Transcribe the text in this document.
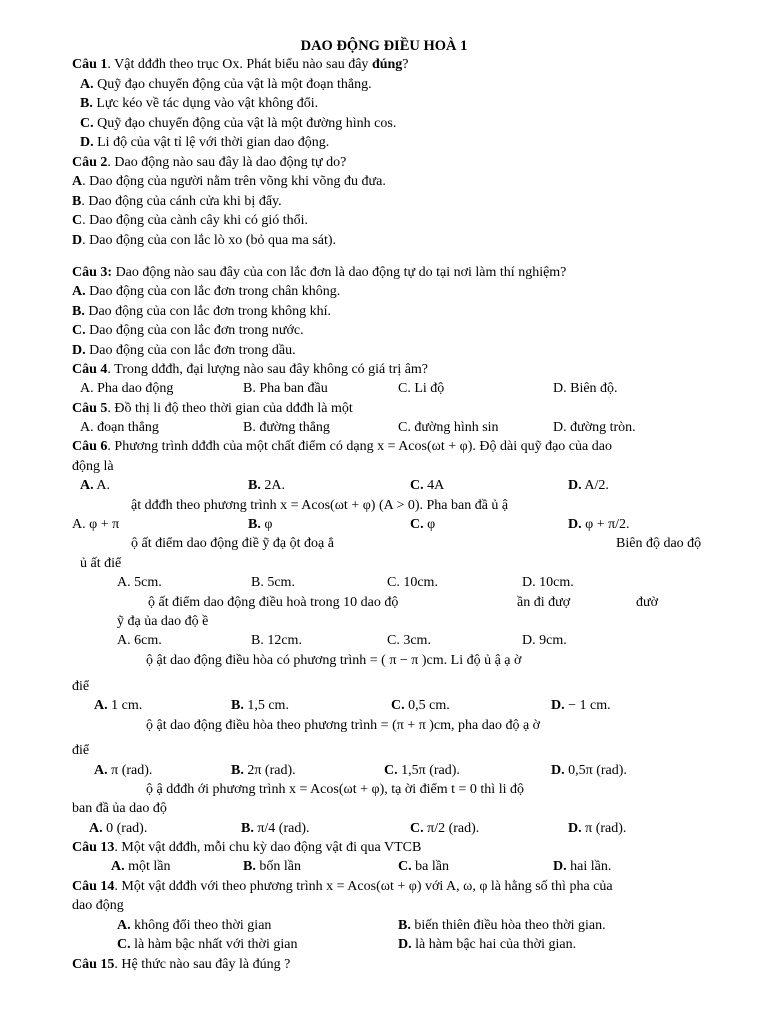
DAO ĐỘNG ĐIỀU HOÀ 1
Câu 1. Vật dđđh theo trục Ox. Phát biểu nào sau đây đúng?
A. Quỹ đạo chuyển động của vật là một đoạn thẳng.
B. Lực kéo về tác dụng vào vật không đổi.
C. Quỹ đạo chuyển động của vật là một đường hình cos.
D. Li độ của vật tỉ lệ với thời gian dao động.
Câu 2. Dao động nào sau đây là dao động tự do?
A. Dao động của người nằm trên võng khi võng đu đưa.
B. Dao động của cánh cửa khi bị đẩy.
C. Dao động của cành cây khi có gió thổi.
D. Dao động của con lắc lò xo (bỏ qua ma sát).
Câu 3: Dao động nào sau đây của con lắc đơn là dao động tự do tại nơi làm thí nghiệm?
A. Dao động của con lắc đơn trong chân không.
B. Dao động của con lắc đơn trong không khí.
C. Dao động của con lắc đơn trong nước.
D. Dao động của con lắc đơn trong dầu.
Câu 4. Trong dđđh, đại lượng nào sau đây không có giá trị âm?
A. Pha dao động	B. Pha ban đầu	C. Li độ	D. Biên độ.
Câu 5. Đồ thị li độ theo thời gian của dđđh là một
A. đoạn thẳng	B. đường thẳng	C. đường hình sin	D. đường tròn.
Câu 6. Phương trình dđđh của một chất điểm có dạng x = Acos(ωt + φ). Độ dài quỹ đạo của dao
động là
A. A.	B. 2A.	C. 4A	D. A/2.
ật dđđh theo phương trình x = Acos(ωt + φ) (A > 0). Pha ban đầ ủ ậ
A. φ + π	B. φ	C. φ	D. φ + π/2.
ộ ất điểm dao động điề ỹ đạ ột đoạ ẳ	Biên độ dao độ
ủ ất điể
A. 5cm.	B. 5cm.	C. 10cm.	D. 10cm.
ộ ất điểm dao động điều hoà trong 10 dao độ	ần đi đượ	đườ
ỹ đạ ủa dao độ ề
A. 6cm.	B. 12cm.	C. 3cm.	D. 9cm.
ộ ật dao động điều hòa có phương trình = ( π − π )cm. Li độ ủ ậ ạ ờ
điể
A. 1 cm.	B. 1,5 cm.	C. 0,5 cm.	D. − 1 cm.
ộ ật dao động điều hòa theo phương trình = (π + π )cm, pha dao độ ạ ờ
điể
A. π (rad).	B. 2π (rad).	C. 1,5π (rad).	D. 0,5π (rad).
ộ ậ dđđh ới phương trình x = Acos(ωt + φ), tạ ời điểm t = 0 thì li độ
ban đầ ủa dao độ
A. 0 (rad).	B. π/4 (rad).	C. π/2 (rad).	D. π (rad).
Câu 13. Một vật dđđh, mỗi chu kỳ dao động vật đi qua VTCB
A. một lần	B. bốn lần	C. ba lần	D. hai lần.
Câu 14. Một vật dđđh với theo phương trình x = Acos(ωt + φ) với A, ω, φ là hằng số thì pha của
dao động
A. không đổi theo thời gian	B. biến thiên điều hòa theo thời gian.
C. là hàm bậc nhất với thời gian	D. là hàm bậc hai của thời gian.
Câu 15. Hệ thức nào sau đây là đúng ?
